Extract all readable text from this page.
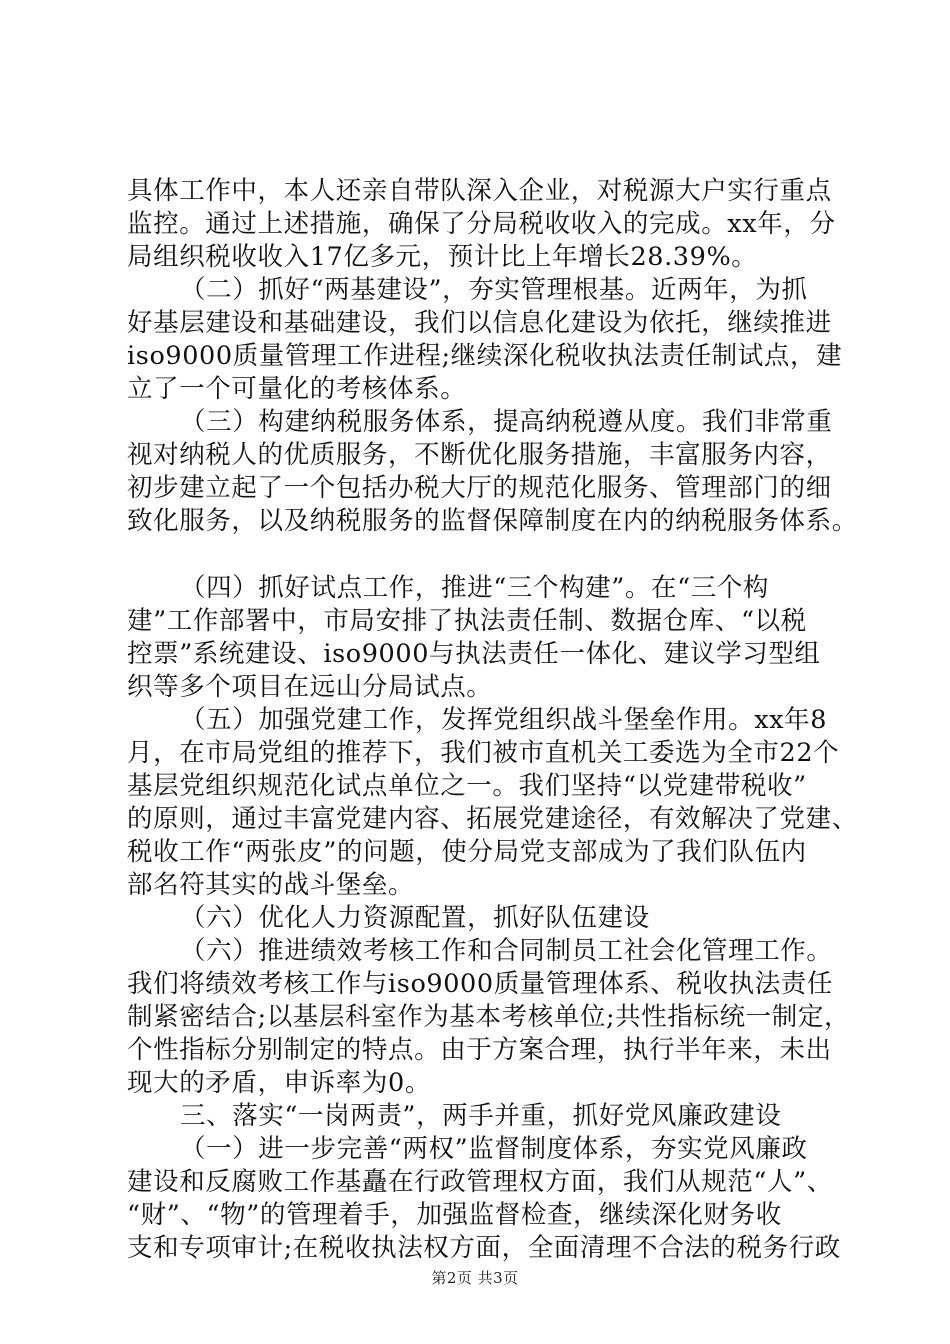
具体工作中，本人还亲自带队深入企业，对税源大户实行重点
监控。通过上述措施，确保了分局税收收入的完成。xx年，分
局组织税收收入17亿多元，预计比上年增长28.39%。
（二）抓好“两基建设”，夯实管理根基。近两年，为抓
好基层建设和基础建设，我们以信息化建设为依托，继续推进
iso9000质量管理工作进程;继续深化税收执法责任制试点，建
立了一个可量化的考核体系。
（三）构建纳税服务体系，提高纳税遵从度。我们非常重
视对纳税人的优质服务，不断优化服务措施，丰富服务内容，
初步建立起了一个包括办税大厅的规范化服务、管理部门的细
致化服务，以及纳税服务的监督保障制度在内的纳税服务体系。
（四）抓好试点工作，推进“三个构建”。在“三个构
建”工作部署中，市局安排了执法责任制、数据仓库、“以税
控票”系统建设、iso9000与执法责任一体化、建议学习型组
织等多个项目在远山分局试点。
（五）加强党建工作，发挥党组织战斗堡垒作用。xx年8
月，在市局党组的推荐下，我们被市直机关工委选为全市22个
基层党组织规范化试点单位之一。我们坚持“以党建带税收”
的原则，通过丰富党建内容、拓展党建途径，有效解决了党建、
税收工作“两张皮”的问题，使分局党支部成为了我们队伍内
部名符其实的战斗堡垒。
（六）优化人力资源配置，抓好队伍建设
（六）推进绩效考核工作和合同制员工社会化管理工作。
我们将绩效考核工作与iso9000质量管理体系、税收执法责任
制紧密结合;以基层科室作为基本考核单位;共性指标统一制定，
个性指标分别制定的特点。由于方案合理，执行半年来，未出
现大的矛盾，申诉率为0。
三、落实“一岗两责”，两手并重，抓好党风廉政建设
（一）进一步完善“两权”监督制度体系，夯实党风廉政
建设和反腐败工作基矗在行政管理权方面，我们从规范“人”、
“财”、“物”的管理着手，加强监督检查，继续深化财务收
支和专项审计;在税收执法权方面，全面清理不合法的税务行政
第2页 共3页
